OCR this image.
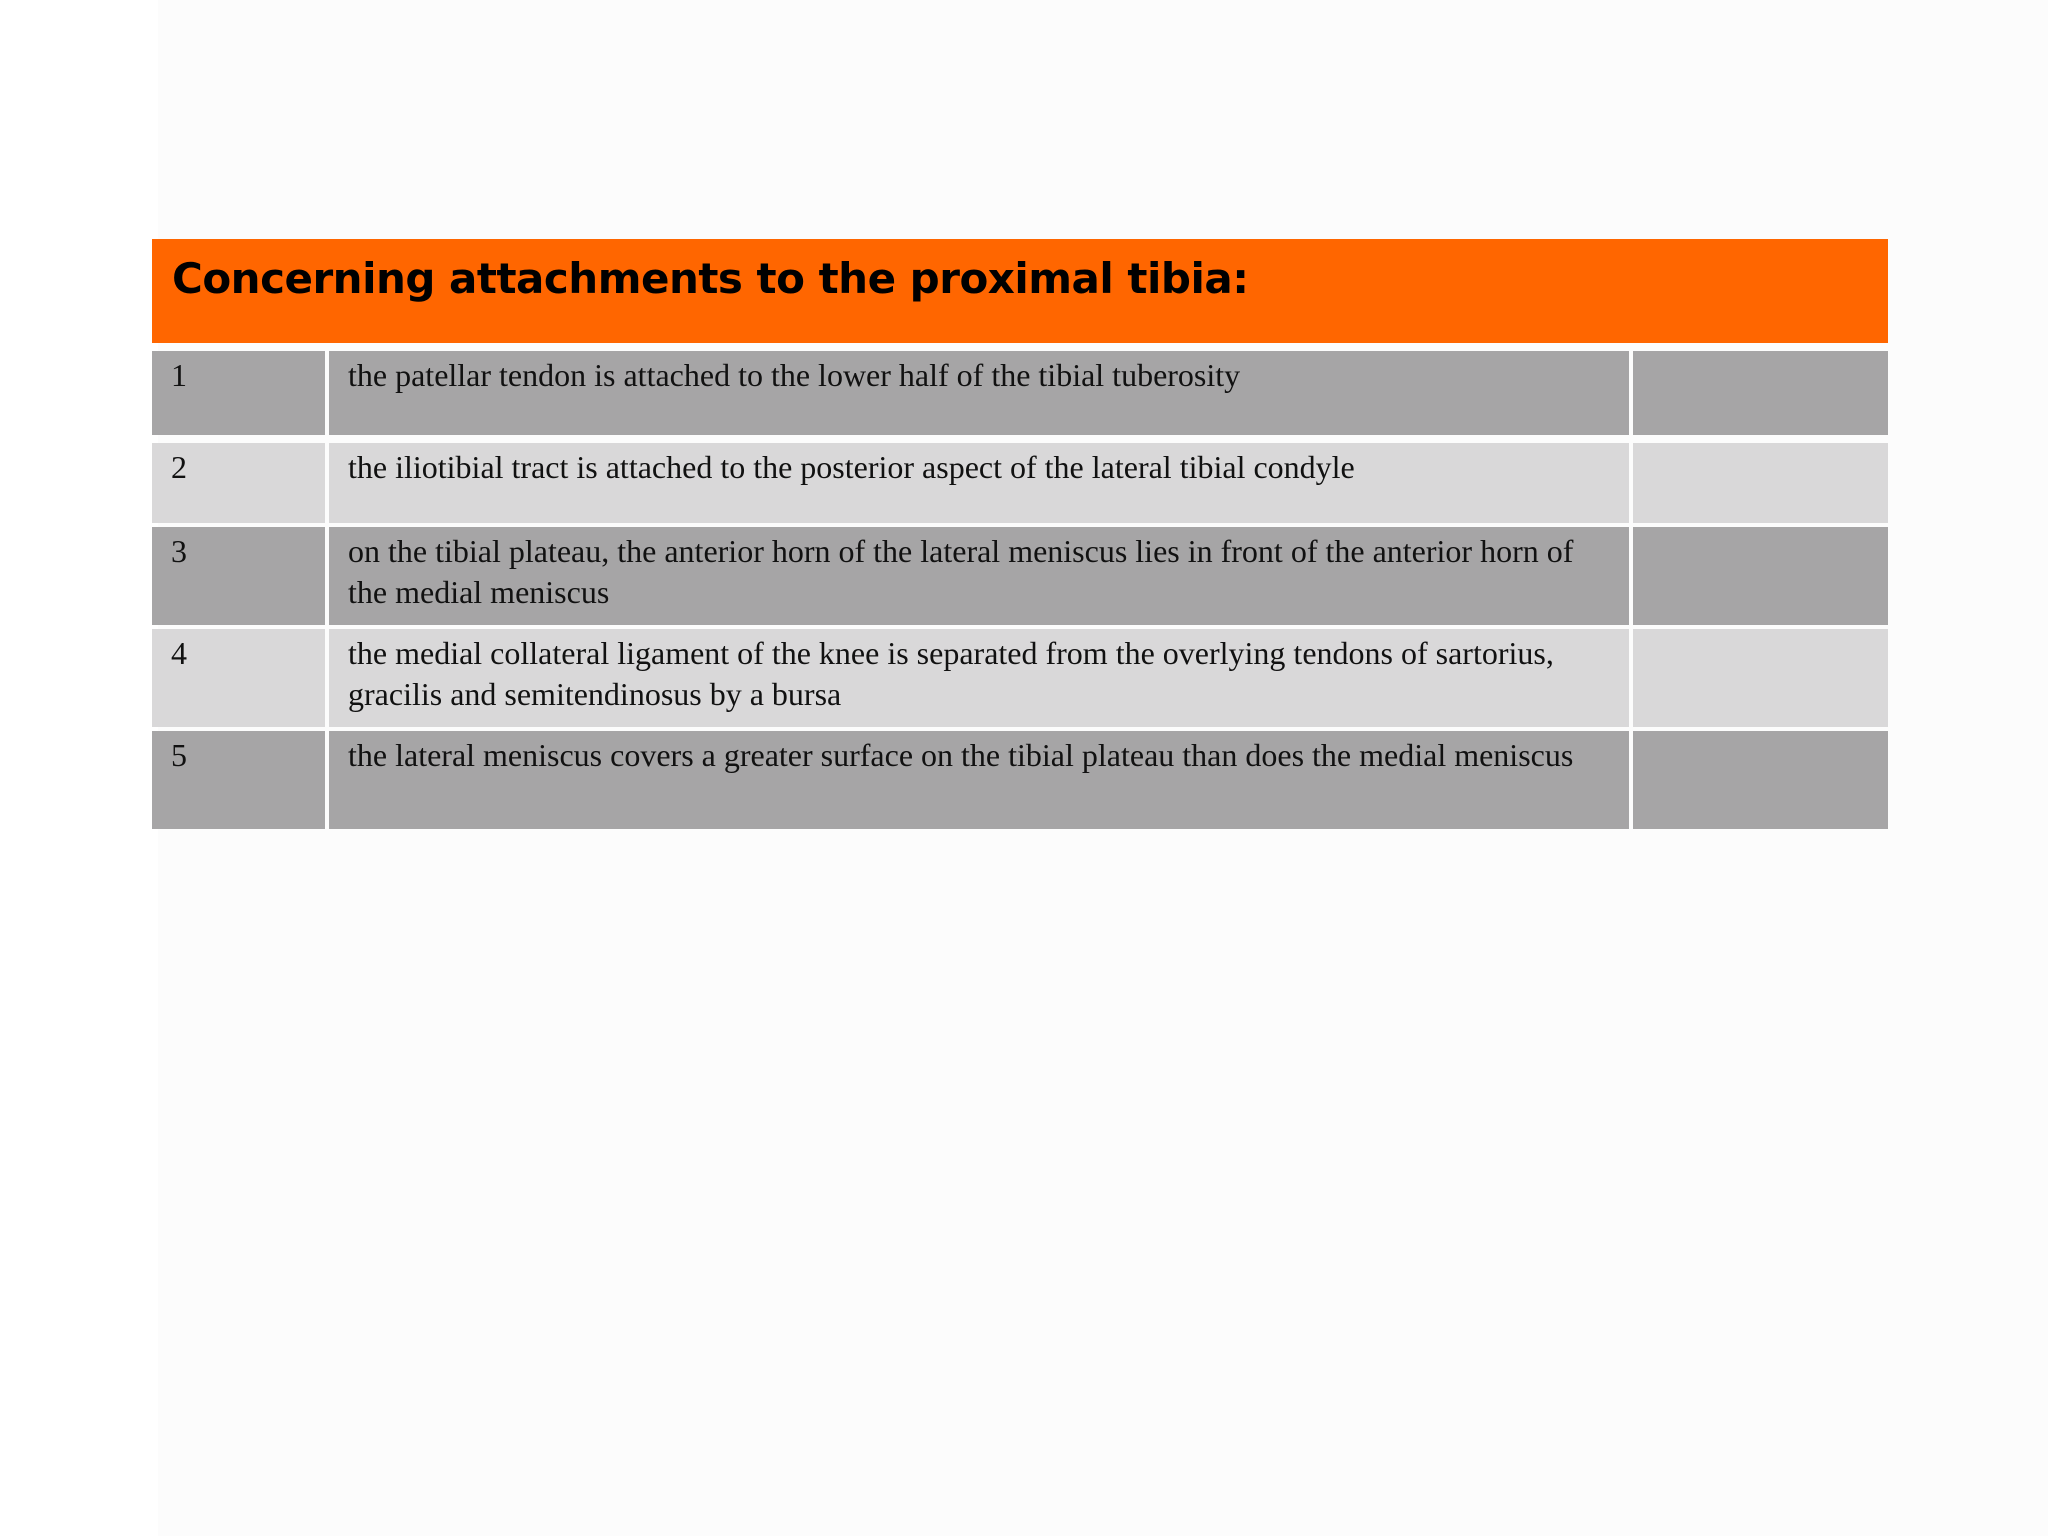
Concerning attachments to the proximal tibia:
1	the patellar tendon is attached to the lower half of the tibial tuberosity
2	the iliotibial tract is attached to the posterior aspect of the lateral tibial condyle
3	on the tibial plateau, the anterior horn of the lateral meniscus lies in front of the anterior horn of the medial meniscus
4	the medial collateral ligament of the knee is separated from the overlying tendons of sartorius, gracilis and semitendinosus by a bursa
5	the lateral meniscus covers a greater surface on the tibial plateau than does the medial meniscus
